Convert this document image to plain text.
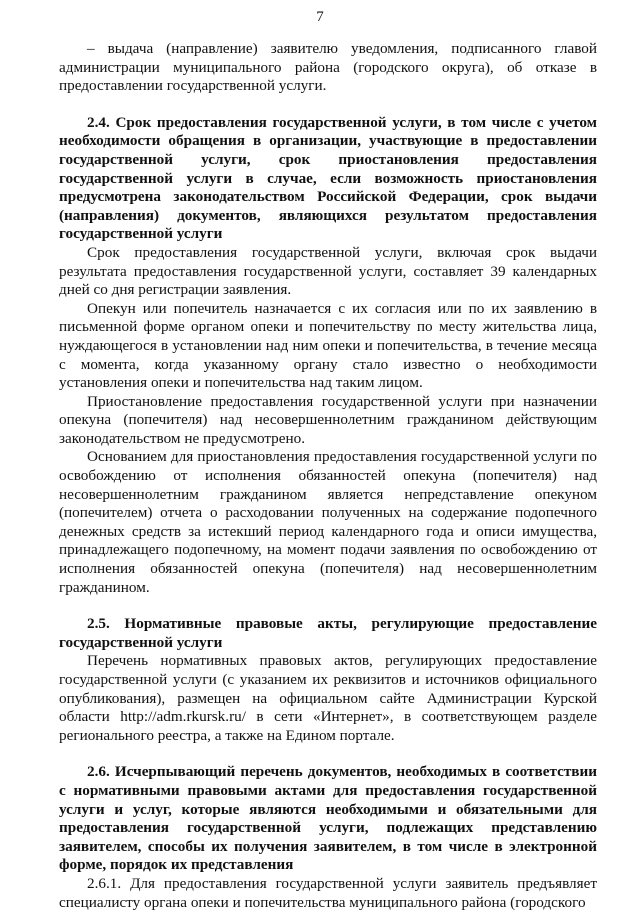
7

– выдача (направление) заявителю уведомления, подписанного главой администрации муниципального района (городского округа), об отказе в предоставлении государственной услуги.

2.4. Срок предоставления государственной услуги, в том числе с учетом необходимости обращения в организации, участвующие в предоставлении государственной услуги, срок приостановления предоставления государственной услуги в случае, если возможность приостановления предусмотрена законодательством Российской Федерации, срок выдачи (направления) документов, являющихся результатом предоставления государственной услуги

Срок предоставления государственной услуги, включая срок выдачи результата предоставления государственной услуги, составляет 39 календарных дней со дня регистрации заявления.

Опекун или попечитель назначается с их согласия или по их заявлению в письменной форме органом опеки и попечительству по месту жительства лица, нуждающегося в установлении над ним опеки и попечительства, в течение месяца с момента, когда указанному органу стало известно о необходимости установления опеки и попечительства над таким лицом.

Приостановление предоставления государственной услуги при назначении опекуна (попечителя) над несовершеннолетним гражданином действующим законодательством не предусмотрено.

Основанием для приостановления предоставления государственной услуги по освобождению от исполнения обязанностей опекуна (попечителя) над несовершеннолетним гражданином является непредставление опекуном (попечителем) отчета о расходовании полученных на содержание подопечного денежных средств за истекший период календарного года и описи имущества, принадлежащего подопечному, на момент подачи заявления по освобождению от исполнения обязанностей опекуна (попечителя) над несовершеннолетним гражданином.

2.5. Нормативные правовые акты, регулирующие предоставление государственной услуги

Перечень нормативных правовых актов, регулирующих предоставление государственной услуги (с указанием их реквизитов и источников официального опубликования), размещен на официальном сайте Администрации Курской области http://adm.rkursk.ru/ в сети «Интернет», в соответствующем разделе регионального реестра, а также на Едином портале.

2.6. Исчерпывающий перечень документов, необходимых в соответствии с нормативными правовыми актами для предоставления государственной услуги и услуг, которые являются необходимыми и обязательными для предоставления государственной услуги, подлежащих представлению заявителем, способы их получения заявителем, в том числе в электронной форме, порядок их представления

2.6.1. Для предоставления государственной услуги заявитель предъявляет специалисту органа опеки и попечительства муниципального района (городского
